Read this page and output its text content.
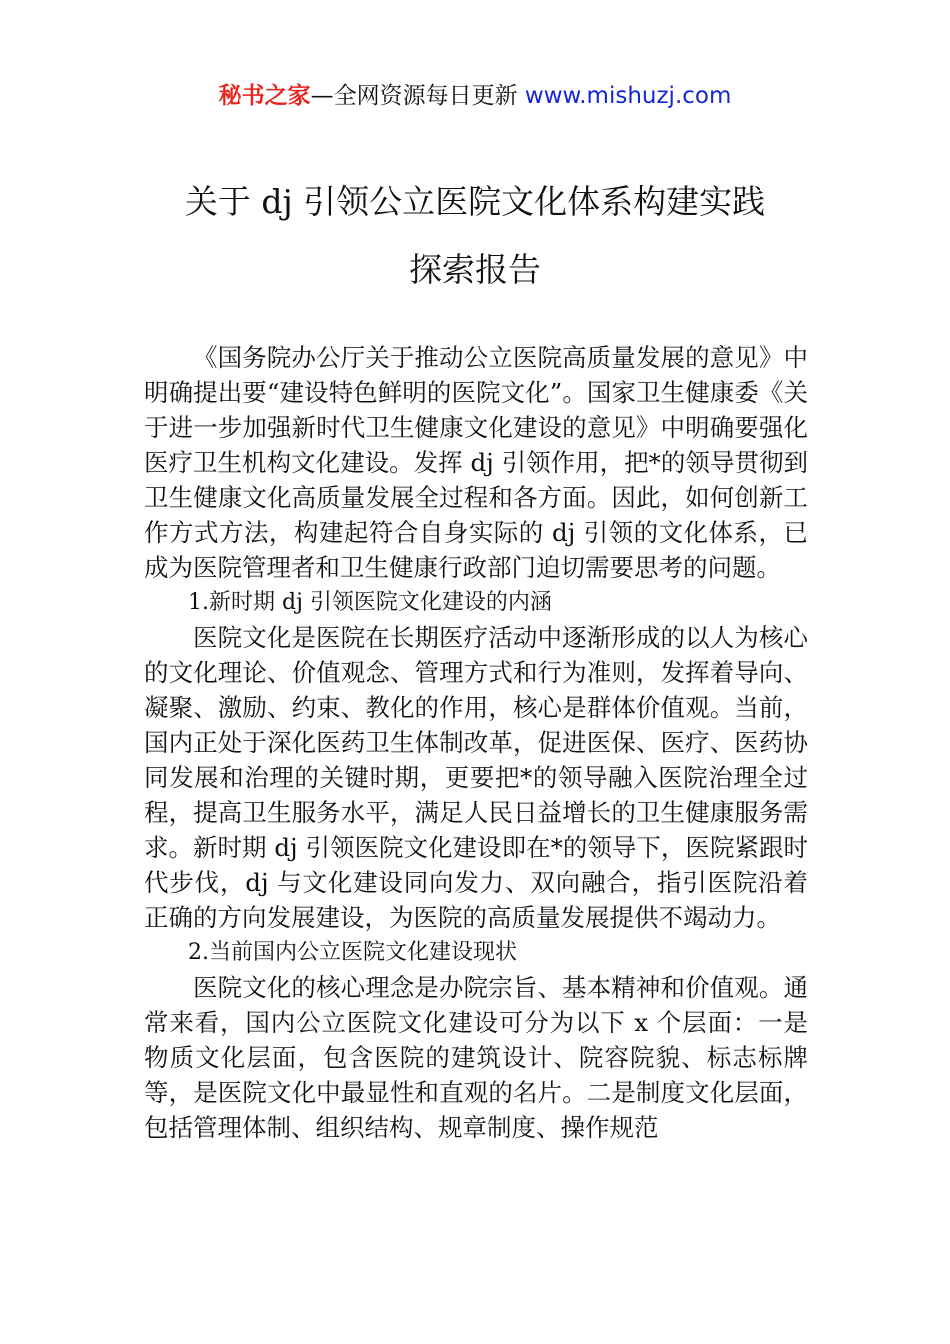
秘书之家—全网资源每日更新 www.mishuzj.com
关于 dj 引领公立医院文化体系构建实践
探索报告

《国务院办公厅关于推动公立医院高质量发展的意见》中明确提出要“建设特色鲜明的医院文化”。国家卫生健康委《关于进一步加强新时代卫生健康文化建设的意见》中明确要强化医疗卫生机构文化建设。发挥 dj 引领作用，把*的领导贯彻到卫生健康文化高质量发展全过程和各方面。因此，如何创新工作方式方法，构建起符合自身实际的 dj 引领的文化体系，已成为医院管理者和卫生健康行政部门迫切需要思考的问题。

1.新时期 dj 引领医院文化建设的内涵

医院文化是医院在长期医疗活动中逐渐形成的以人为核心的文化理论、价值观念、管理方式和行为准则，发挥着导向、凝聚、激励、约束、教化的作用，核心是群体价值观。当前，国内正处于深化医药卫生体制改革，促进医保、医疗、医药协同发展和治理的关键时期，更要把*的领导融入医院治理全过程，提高卫生服务水平，满足人民日益增长的卫生健康服务需求。新时期 dj 引领医院文化建设即在*的领导下，医院紧跟时代步伐，dj 与文化建设同向发力、双向融合，指引医院沿着正确的方向发展建设，为医院的高质量发展提供不竭动力。

2.当前国内公立医院文化建设现状

医院文化的核心理念是办院宗旨、基本精神和价值观。通常来看，国内公立医院文化建设可分为以下 x 个层面：一是物质文化层面，包含医院的建筑设计、院容院貌、标志标牌等，是医院文化中最显性和直观的名片。二是制度文化层面，包括管理体制、组织结构、规章制度、操作规范
